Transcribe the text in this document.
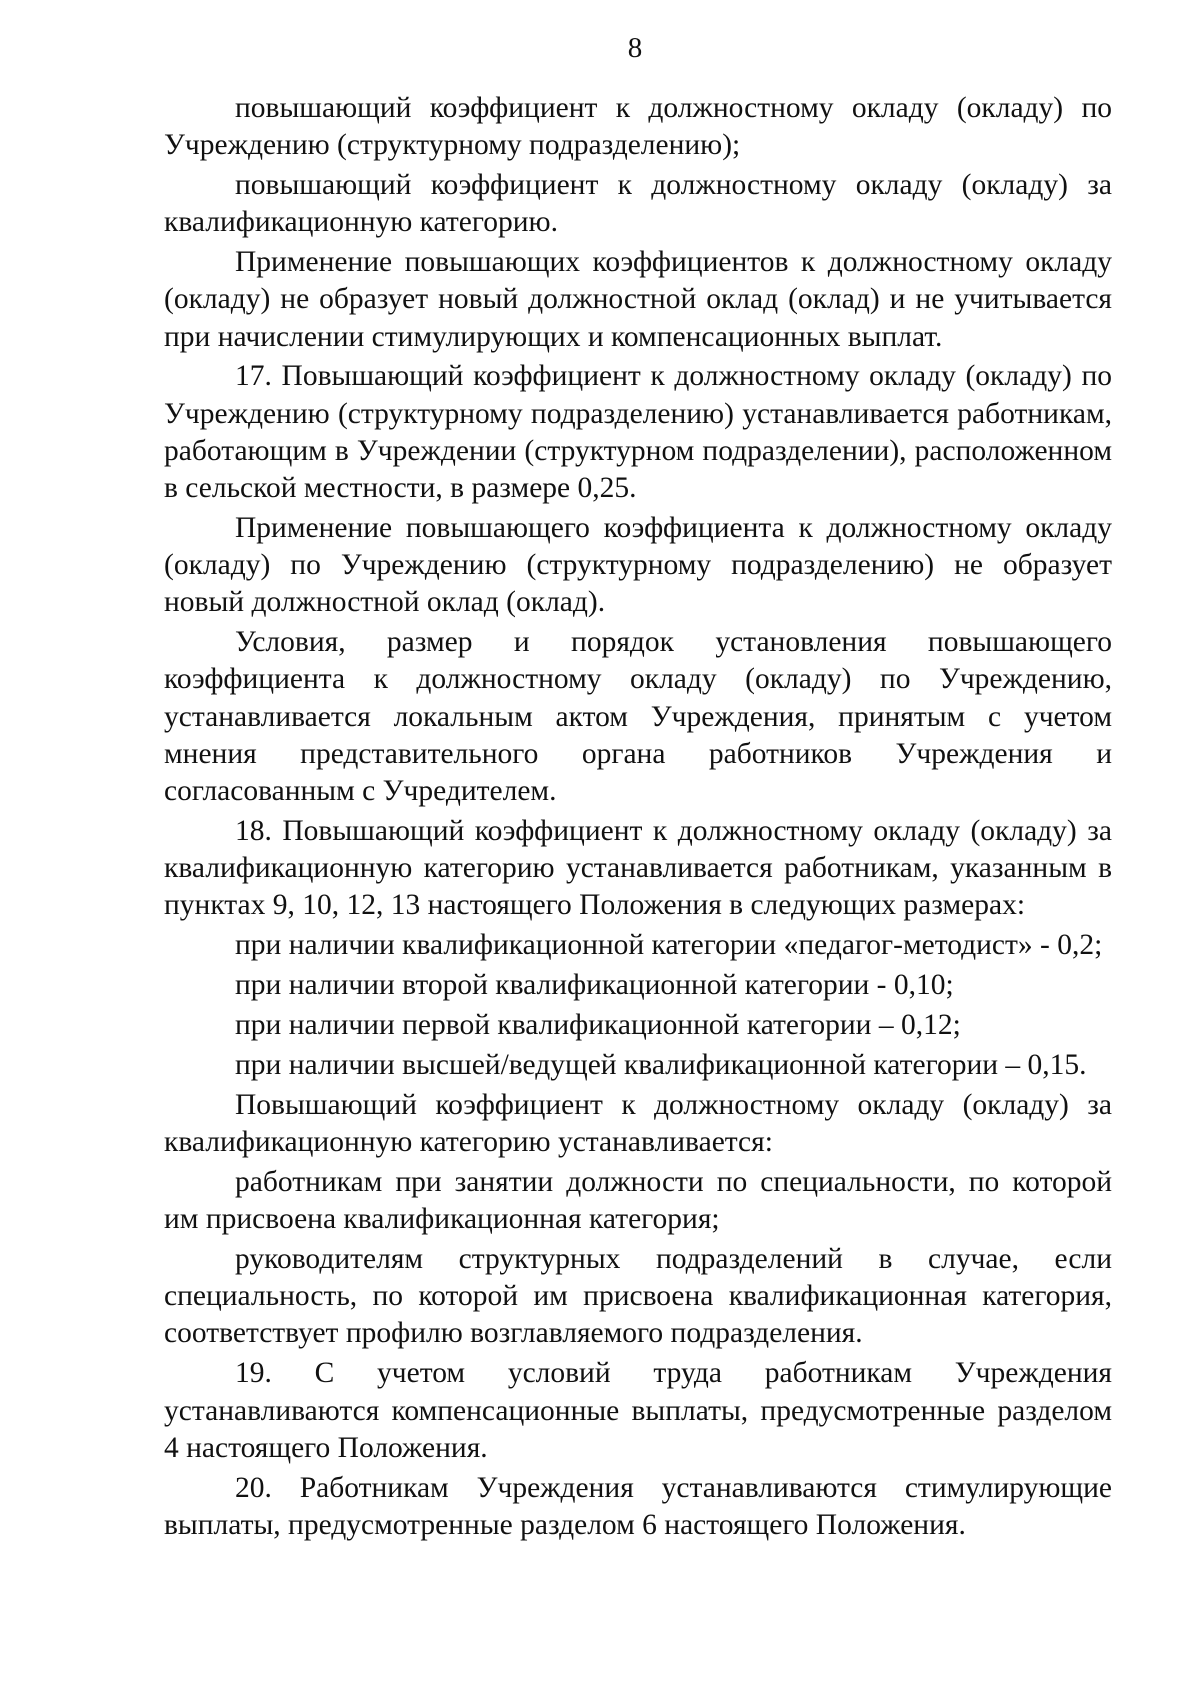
8

повышающий коэффициент к должностному окладу (окладу) по Учреждению (структурному подразделению);

повышающий коэффициент к должностному окладу (окладу) за квалификационную категорию.

Применение повышающих коэффициентов к должностному окладу (окладу) не образует новый должностной оклад (оклад) и не учитывается при начислении стимулирующих и компенсационных выплат.

17. Повышающий коэффициент к должностному окладу (окладу) по Учреждению (структурному подразделению) устанавливается работникам, работающим в Учреждении (структурном подразделении), расположенном в сельской местности, в размере 0,25.

Применение повышающего коэффициента к должностному окладу (окладу) по Учреждению (структурному подразделению) не образует новый должностной оклад (оклад).

Условия, размер и порядок установления повышающего коэффициента к должностному окладу (окладу) по Учреждению, устанавливается локальным актом Учреждения, принятым с учетом мнения представительного органа работников Учреждения и согласованным с Учредителем.

18. Повышающий коэффициент к должностному окладу (окладу) за квалификационную категорию устанавливается работникам, указанным в пунктах 9, 10, 12, 13 настоящего Положения в следующих размерах:

при наличии квалификационной категории «педагог-методист» - 0,2;

при наличии второй квалификационной категории - 0,10;

при наличии первой квалификационной категории – 0,12;

при наличии высшей/ведущей квалификационной категории – 0,15.

Повышающий коэффициент к должностному окладу (окладу) за квалификационную категорию устанавливается:

работникам при занятии должности по специальности, по которой им присвоена квалификационная категория;

руководителям структурных подразделений в случае, если специальность, по которой им присвоена квалификационная категория, соответствует профилю возглавляемого подразделения.

19. С учетом условий труда работникам Учреждения устанавливаются компенсационные выплаты, предусмотренные разделом 4 настоящего Положения.

20. Работникам Учреждения устанавливаются стимулирующие выплаты, предусмотренные разделом 6 настоящего Положения.
